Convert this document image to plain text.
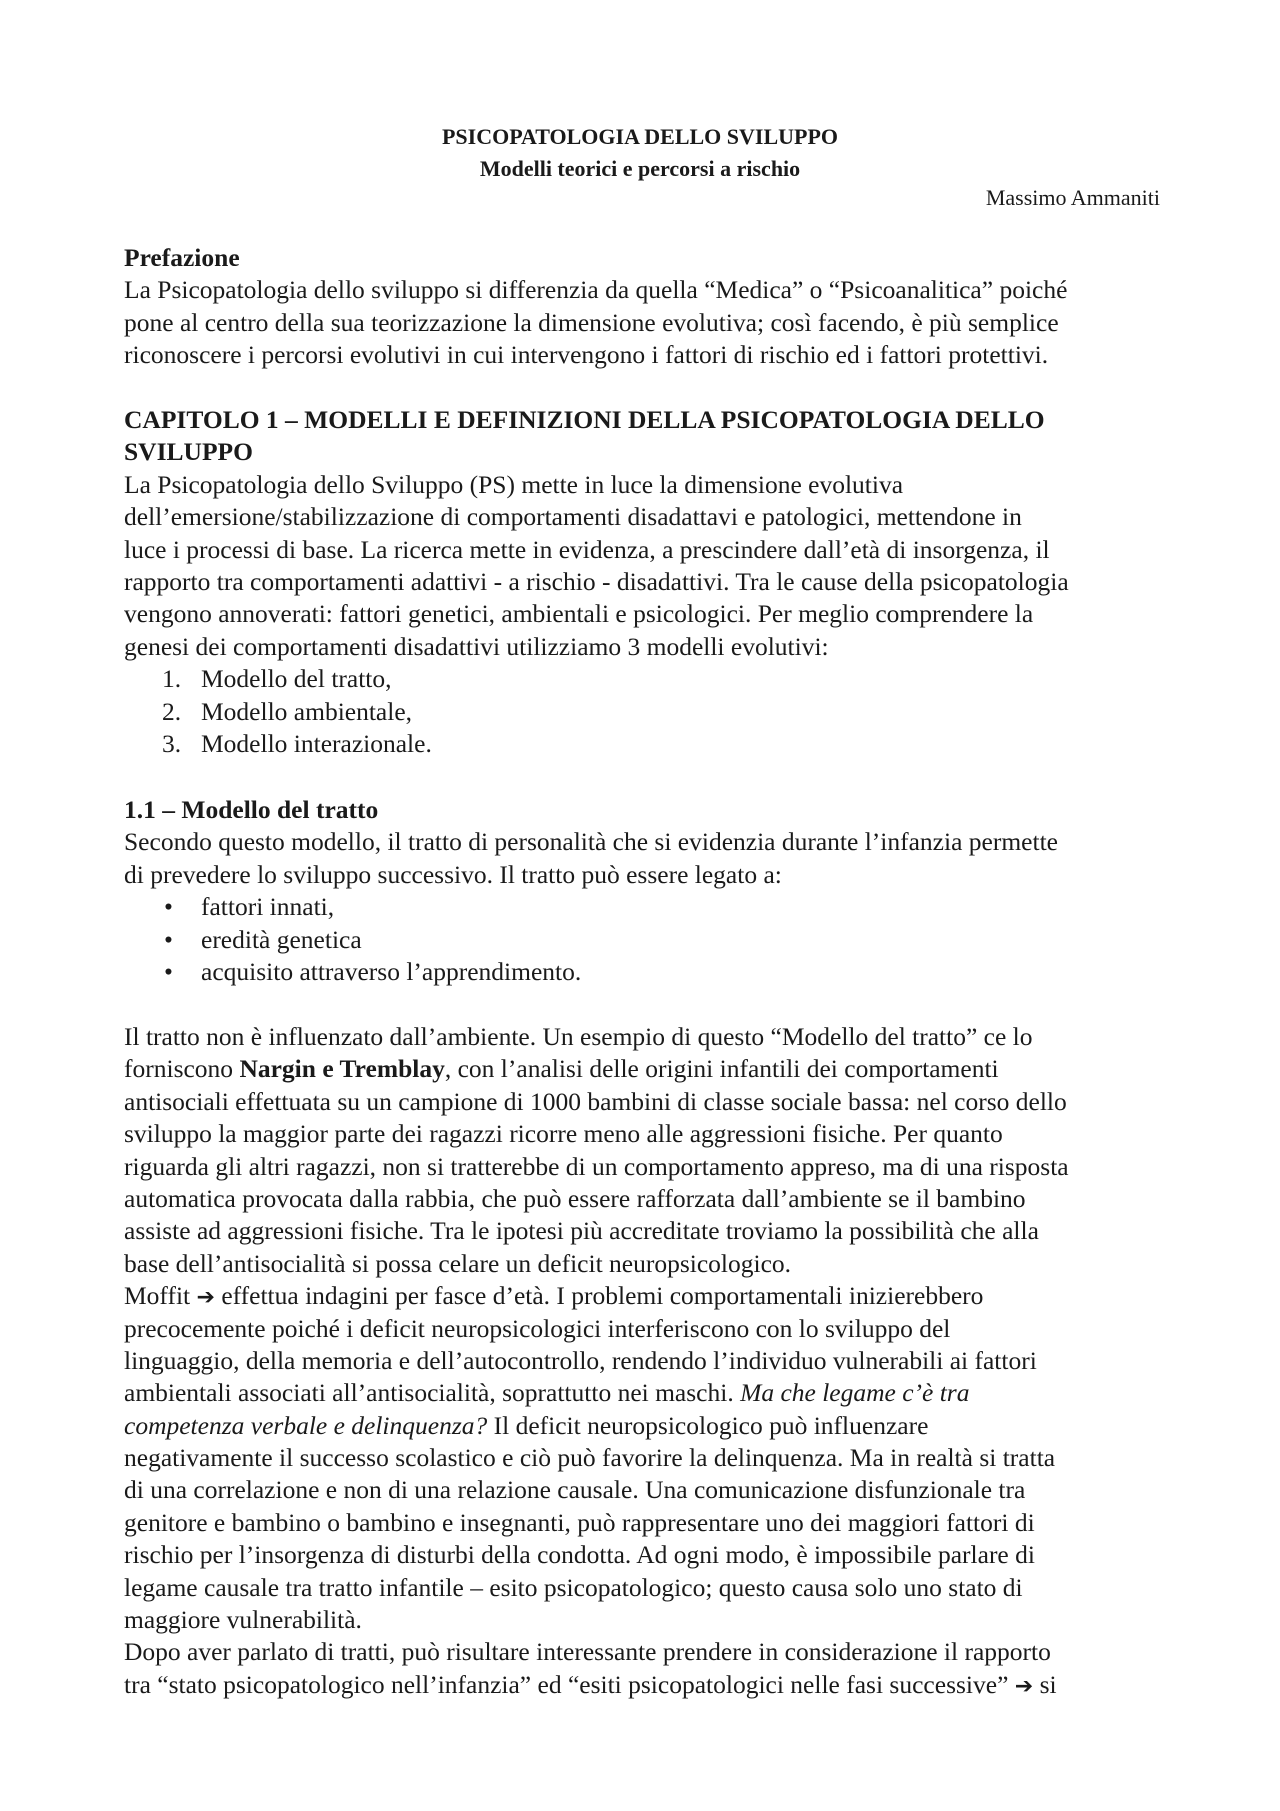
PSICOPATOLOGIA DELLO SVILUPPO
Modelli teorici e percorsi a rischio
Massimo Ammaniti
Prefazione
La Psicopatologia dello sviluppo si differenzia da quella “Medica” o “Psicoanalitica” poiché
pone al centro della sua teorizzazione la dimensione evolutiva; così facendo, è più semplice
riconoscere i percorsi evolutivi in cui intervengono i fattori di rischio ed i fattori protettivi.
CAPITOLO 1 – MODELLI E DEFINIZIONI DELLA PSICOPATOLOGIA DELLO
SVILUPPO
La Psicopatologia dello Sviluppo (PS) mette in luce la dimensione evolutiva
dell’emersione/stabilizzazione di comportamenti disadattavi e patologici, mettendone in
luce i processi di base. La ricerca mette in evidenza, a prescindere dall’età di insorgenza, il
rapporto tra comportamenti adattivi - a rischio - disadattivi. Tra le cause della psicopatologia
vengono annoverati: fattori genetici, ambientali e psicologici. Per meglio comprendere la
genesi dei comportamenti disadattivi utilizziamo 3 modelli evolutivi:
1. Modello del tratto,
2. Modello ambientale,
3. Modello interazionale.
1.1 – Modello del tratto
Secondo questo modello, il tratto di personalità che si evidenzia durante l’infanzia permette
di prevedere lo sviluppo successivo. Il tratto può essere legato a:
• fattori innati,
• eredità genetica
• acquisito attraverso l’apprendimento.
Il tratto non è influenzato dall’ambiente. Un esempio di questo “Modello del tratto” ce lo
forniscono Nargin e Tremblay, con l’analisi delle origini infantili dei comportamenti
antisociali effettuata su un campione di 1000 bambini di classe sociale bassa: nel corso dello
sviluppo la maggior parte dei ragazzi ricorre meno alle aggressioni fisiche. Per quanto
riguarda gli altri ragazzi, non si tratterebbe di un comportamento appreso, ma di una risposta
automatica provocata dalla rabbia, che può essere rafforzata dall’ambiente se il bambino
assiste ad aggressioni fisiche. Tra le ipotesi più accreditate troviamo la possibilità che alla
base dell’antisocialità si possa celare un deficit neuropsicologico.
Moffit ➔ effettua indagini per fasce d’età. I problemi comportamentali inizierebbero
precocemente poiché i deficit neuropsicologici interferiscono con lo sviluppo del
linguaggio, della memoria e dell’autocontrollo, rendendo l’individuo vulnerabili ai fattori
ambientali associati all’antisocialità, soprattutto nei maschi. Ma che legame c’è tra
competenza verbale e delinquenza? Il deficit neuropsicologico può influenzare
negativamente il successo scolastico e ciò può favorire la delinquenza. Ma in realtà si tratta
di una correlazione e non di una relazione causale. Una comunicazione disfunzionale tra
genitore e bambino o bambino e insegnanti, può rappresentare uno dei maggiori fattori di
rischio per l’insorgenza di disturbi della condotta. Ad ogni modo, è impossibile parlare di
legame causale tra tratto infantile – esito psicopatologico; questo causa solo uno stato di
maggiore vulnerabilità.
Dopo aver parlato di tratti, può risultare interessante prendere in considerazione il rapporto
tra “stato psicopatologico nell’infanzia” ed “esiti psicopatologici nelle fasi successive” ➔ si
